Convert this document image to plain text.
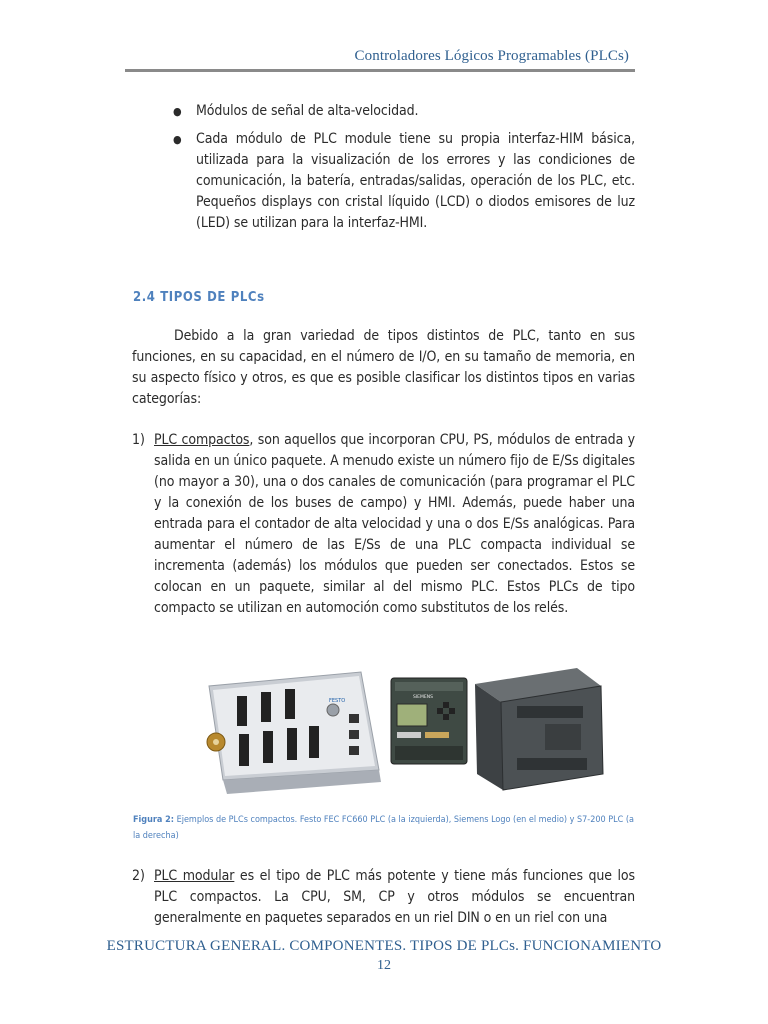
Controladores Lógicos Programables (PLCs)
● Módulos de señal de alta-velocidad.
● Cada módulo de PLC module tiene su propia interfaz-HIM básica, utilizada para la visualización de los errores y las condiciones de comunicación, la batería, entradas/salidas, operación de los PLC, etc. Pequeños displays con cristal líquido (LCD) o diodos emisores de luz (LED) se utilizan para la interfaz-HMI.
2.4 TIPOS DE PLCs
Debido a la gran variedad de tipos distintos de PLC, tanto en sus funciones, en su capacidad, en el número de I/O, en su tamaño de memoria, en su aspecto físico y otros, es que es posible clasificar los distintos tipos en varias categorías:
1) PLC compactos, son aquellos que incorporan CPU, PS, módulos de entrada y salida en un único paquete. A menudo existe un número fijo de E/Ss digitales (no mayor a 30), una o dos canales de comunicación (para programar el PLC y la conexión de los buses de campo) y HMI. Además, puede haber una entrada para el contador de alta velocidad y una o dos E/Ss analógicas. Para aumentar el número de las E/Ss de una PLC compacta individual se incrementa (además) los módulos que pueden ser conectados. Estos se colocan en un paquete, similar al del mismo PLC. Estos PLCs de tipo compacto se utilizan en automoción como substitutos de los relés.
FESTO
SIEMENS
Figura 2: Ejemplos de PLCs compactos. Festo FEC FC660 PLC (a la izquierda), Siemens Logo (en el medio) y S7-200 PLC (a la derecha)
2) PLC modular es el tipo de PLC más potente y tiene más funciones que los PLC compactos. La CPU, SM, CP y otros módulos se encuentran generalmente en paquetes separados en un riel DIN o en un riel con una
ESTRUCTURA GENERAL. COMPONENTES. TIPOS DE PLCs. FUNCIONAMIENTO
12
